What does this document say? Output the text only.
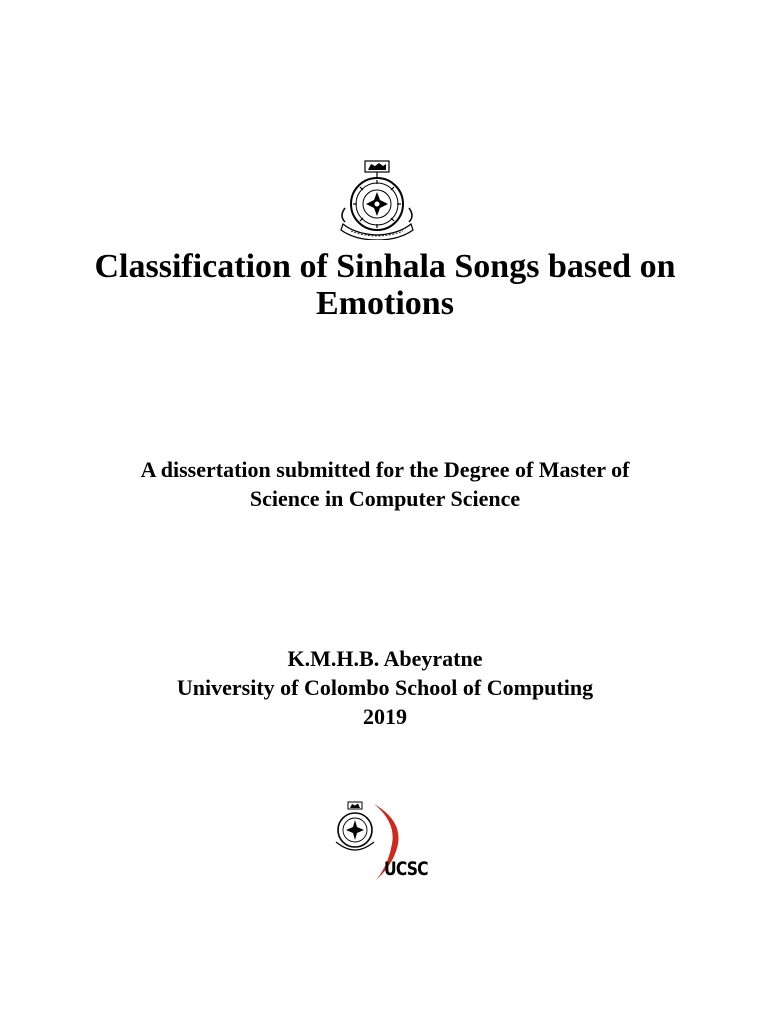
Classification of Sinhala Songs based on
Emotions
A dissertation submitted for the Degree of Master of
Science in Computer Science
K.M.H.B. Abeyratne
University of Colombo School of Computing
2019
UCSC
